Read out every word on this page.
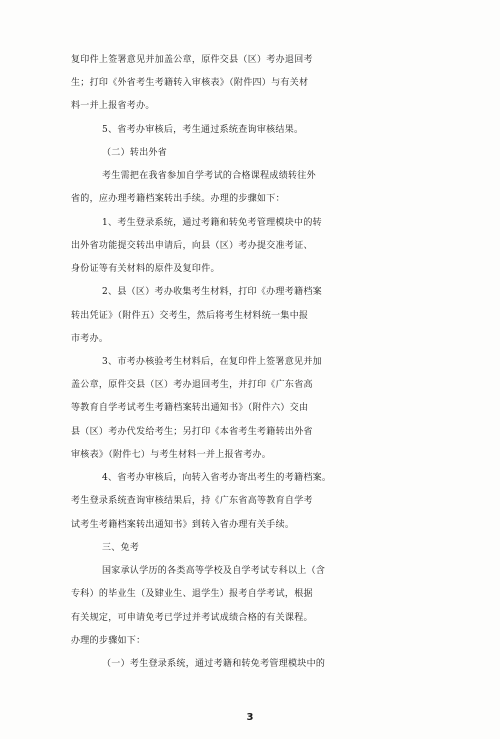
复印件上签署意见并加盖公章，原件交县（区）考办退回考
生；打印《外省考生考籍转入审核表》（附件四）与有关材
料一并上报省考办。
5、省考办审核后，考生通过系统查询审核结果。
（二）转出外省
考生需把在我省参加自学考试的合格课程成绩转往外
省的，应办理考籍档案转出手续。办理的步骤如下：
1、考生登录系统，通过考籍和转免考管理模块中的转
出外省功能提交转出申请后，向县（区）考办提交准考证、
身份证等有关材料的原件及复印件。
2、县（区）考办收集考生材料，打印《办理考籍档案
转出凭证》（附件五）交考生，然后将考生材料统一集中报
市考办。
3、市考办核验考生材料后，在复印件上签署意见并加
盖公章，原件交县（区）考办退回考生，并打印《广东省高
等教育自学考试考生考籍档案转出通知书》（附件六）交由
县（区）考办代发给考生；另打印《本省考生考籍转出外省
审核表》（附件七）与考生材料一并上报省考办。
4、省考办审核后，向转入省考办寄出考生的考籍档案。
考生登录系统查询审核结果后，持《广东省高等教育自学考
试考生考籍档案转出通知书》到转入省办理有关手续。
三、免考
国家承认学历的各类高等学校及自学考试专科以上（含
专科）的毕业生（及肄业生、退学生）报考自学考试，根据
有关规定，可申请免考已学过并考试成绩合格的有关课程。
办理的步骤如下：
（一）考生登录系统，通过考籍和转免考管理模块中的
3
